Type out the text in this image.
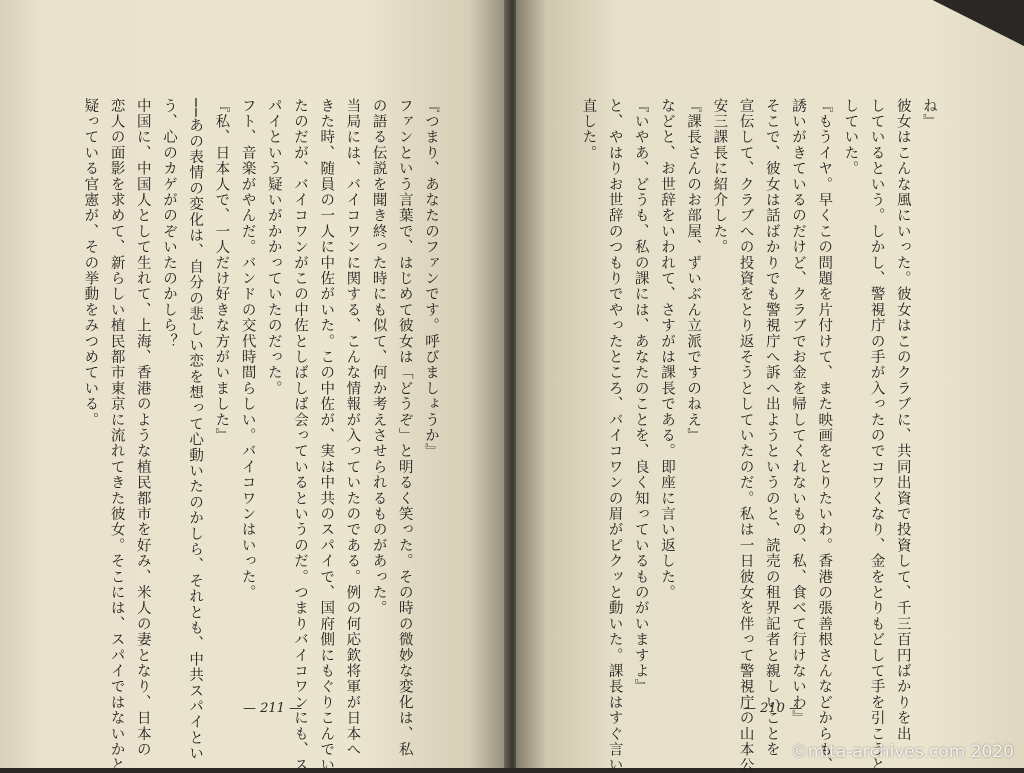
『つまり、あなたのファンです。呼びましょうか』
ファンという言葉で、はじめて彼女は「どうぞ」と明るく笑った。その時の微妙な変化は、私
の語る伝説を聞き終った時にも似て、何か考えさせられるものがあった。
当局には、バイコワンに関する、こんな情報が入っていたのである。例の何応欽将軍が日本へ
きた時、随員の一人に中佐がいた。この中佐が、実は中共のスパイで、国府側にもぐりこんでい
たのだが、バイコワンがこの中佐としばしば会っているというのだ。つまりバイコワンにも、ス
パイという疑いがかかっていたのだった。
フト、音楽がやんだ。バンドの交代時間らしい。バイコワンはいった。
『私、日本人で、一人だけ好きな方がいました』
──あの表情の変化は、自分の悲しい恋を想って心動いたのかしら、それとも、中共スパイとい
う、心のカゲがのぞいたのかしら？
中国に、中国人として生れて、上海、香港のような植民都市を好み、米人の妻となり、日本の
恋人の面影を求めて、新らしい植民都市東京に流れてきた彼女。そこには、スパイではないかと
疑っている官憲が、その挙動をみつめている。
— 211 —
ね』
彼女はこんな風にいった。彼女はこのクラブに、共同出資で投資して、千三百円ばかりを出
しているという。しかし、警視庁の手が入ったのでコワくなり、金をとりもどして手を引こうと
していた。
『もうイヤ。早くこの問題を片付けて、また映画をとりたいわ。香港の張善根さんなどからも、
誘いがきているのだけど、クラブでお金を帰してくれないもの、私、食べて行けないわ』
そこで、彼女は話ばかりでも警視庁へ訴へ出ようというのと、読売の租界記者と親しいことを
宣伝して、クラブへの投資をとり返そうとしていたのだ。私は一日彼女を伴って警視庁の山本公
安三課長に紹介した。
『課長さんのお部屋、ずいぶん立派ですのねえ』
などと、お世辞をいわれて、さすがは課長である。即座に言い返した。
『いやあ、どうも、私の課には、あなたのことを、良く知っているものがいますよ』
と、やはりお世辞のつもりでやったところ、バイコワンの眉がピクッと動いた。課長はすぐ言い
直した。
— 210 —
©mita-archives.com 2020
